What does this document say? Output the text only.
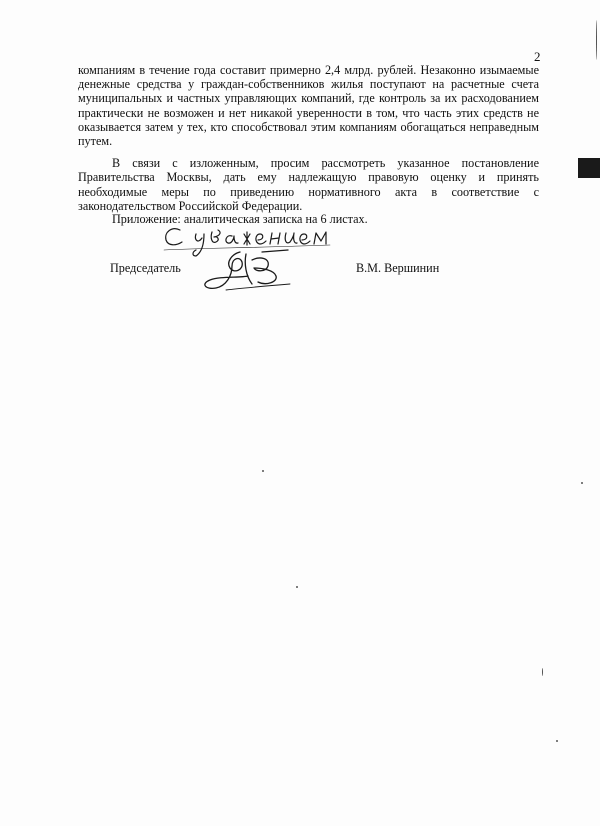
2

компаниям в течение года составит примерно 2,4 млрд. рублей. Незаконно изымаемые денежные средства у граждан-собственников жилья поступают на расчетные счета муниципальных и частных управляющих компаний, где контроль за их расходованием практически не возможен и нет никакой уверенности в том, что часть этих средств не оказывается затем у тех, кто способствовал этим компаниям обогащаться неправедным путем.

В связи с изложенным, просим рассмотреть указанное постановление Правительства Москвы, дать ему надлежащую правовую оценку и принять необходимые меры по приведению нормативного акта в соответствие с законодательством Российской Федерации.

Приложение: аналитическая записка на 6 листах.
Председатель	В.М. Вершинин
